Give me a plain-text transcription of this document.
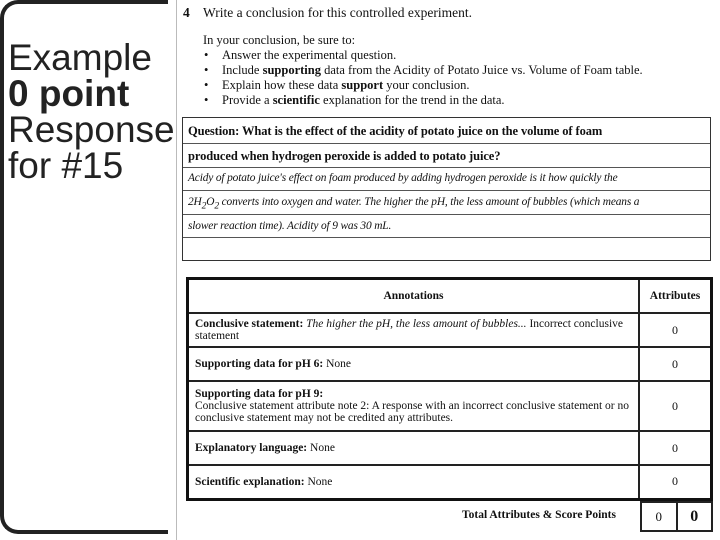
Example
0 point
Response
for #15
4 Write a conclusion for this controlled experiment.
In your conclusion, be sure to:
• Answer the experimental question.
• Include supporting data from the Acidity of Potato Juice vs. Volume of Foam table.
• Explain how these data support your conclusion.
• Provide a scientific explanation for the trend in the data.
Question: What is the effect of the acidity of potato juice on the volume of foam
produced when hydrogen peroxide is added to potato juice?
Acidy of potato juice's effect on foam produced by adding hydrogen peroxide is it how quickly the
$2H_2O_2$ converts into oxygen and water. The higher the pH, the less amount of bubbles (which means a
slower reaction time). Acidity of 9 was 30 mL.
Annotations	Attributes
Conclusive statement: The higher the pH, the less amount of bubbles... Incorrect conclusive statement	0
Supporting data for pH 6: None	0
Supporting data for pH 9:
Conclusive statement attribute note 2: A response with an incorrect conclusive statement or no conclusive statement may not be credited any attributes.	0
Explanatory language: None	0
Scientific explanation: None	0
Total Attributes & Score Points	0	0
